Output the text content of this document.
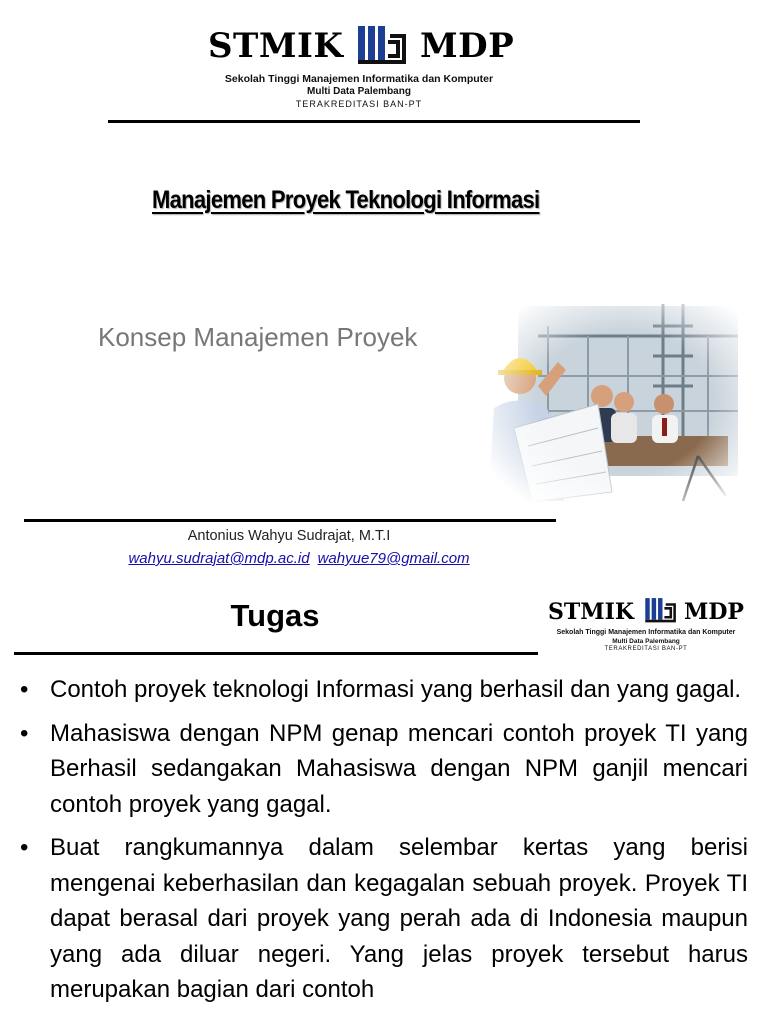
STMIK MDP
Sekolah Tinggi Manajemen Informatika dan Komputer
Multi Data Palembang
TERAKREDITASI BAN-PT
Manajemen Proyek Teknologi Informasi
Konsep Manajemen Proyek
Antonius Wahyu Sudrajat, M.T.I
wahyu.sudrajat@mdp.ac.id wahyue79@gmail.com
Tugas	STMIK MDP
Sekolah Tinggi Manajemen Informatika dan Komputer
Multi Data Palembang
TERAKREDITASI BAN-PT
• Contoh proyek teknologi Informasi yang berhasil dan yang gagal.
• Mahasiswa dengan NPM genap mencari contoh proyek TI yang Berhasil sedangakan Mahasiswa dengan NPM ganjil mencari contoh proyek yang gagal.
• Buat rangkumannya dalam selembar kertas yang berisi mengenai keberhasilan dan kegagalan sebuah proyek. Proyek TI dapat berasal dari proyek yang perah ada di Indonesia maupun yang ada diluar negeri. Yang jelas proyek tersebut harus merupakan bagian dari contoh
